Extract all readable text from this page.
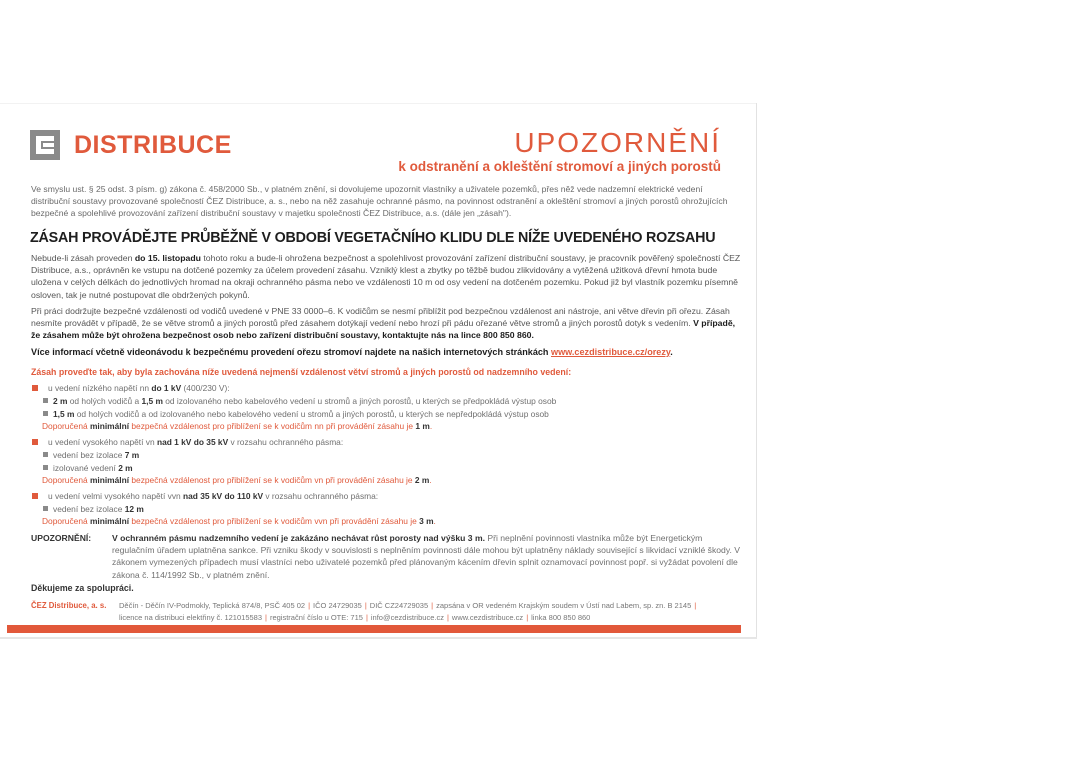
DISTRIBUCE	UPOZORNĚNÍ
k odstranění a okleštění stromoví a jiných porostů
Ve smyslu ust. § 25 odst. 3 písm. g) zákona č. 458/2000 Sb., v platném znění, si dovolujeme upozornit vlastníky a uživatele pozemků, přes něž vede nadzemní elektrické vedení distribuční soustavy provozované společností ČEZ Distribuce, a. s., nebo na něž zasahuje ochranné pásmo, na povinnost odstranění a okleštění stromoví a jiných porostů ohrožujících bezpečné a spolehlivé provozování zařízení distribuční soustavy v majetku společnosti ČEZ Distribuce, a.s. (dále jen „zásah").
ZÁSAH PROVÁDĚJTE PRŮBĚŽNĚ V OBDOBÍ VEGETAČNÍHO KLIDU DLE NÍŽE UVEDENÉHO ROZSAHU
Nebude-li zásah proveden do 15. listopadu tohoto roku a bude-li ohrožena bezpečnost a spolehlivost provozování zařízení distribuční soustavy, je pracovník pověřený společností ČEZ Distribuce, a.s., oprávněn ke vstupu na dotčené pozemky za účelem provedení zásahu. Vzniklý klest a zbytky po těžbě budou zlikvidovány a vytěžená užitková dřevní hmota bude uložena v celých délkách do jednotlivých hromad na okraji ochranného pásma nebo ve vzdálenosti 10 m od osy vedení na dotčeném pozemku. Pokud již byl vlastník pozemku písemně osloven, tak je nutné postupovat dle obdržených pokynů.
Při práci dodržujte bezpečné vzdálenosti od vodičů uvedené v PNE 33 0000–6. K vodičům se nesmí přiblížit pod bezpečnou vzdálenost ani nástroje, ani větve dřevin při ořezu. Zásah nesmíte provádět v případě, že se větve stromů a jiných porostů před zásahem dotýkají vedení nebo hrozí při pádu ořezané větve stromů a jiných porostů dotyk s vedením. V případě, že zásahem může být ohrožena bezpečnost osob nebo zařízení distribuční soustavy, kontaktujte nás na lince 800 850 860.
Více informací včetně videonávodu k bezpečnému provedení ořezu stromoví najdete na našich internetových stránkách www.cezdistribuce.cz/orezy.
Zásah proveďte tak, aby byla zachována níže uvedená nejmenší vzdálenost větví stromů a jiných porostů od nadzemního vedení:
u vedení nízkého napětí nn do 1 kV (400/230 V):
2 m od holých vodičů a 1,5 m od izolovaného nebo kabelového vedení u stromů a jiných porostů, u kterých se předpokládá výstup osob
1,5 m od holých vodičů a od izolovaného nebo kabelového vedení u stromů a jiných porostů, u kterých se nepředpokládá výstup osob
Doporučená minimální bezpečná vzdálenost pro přiblížení se k vodičům nn při provádění zásahu je 1 m.
u vedení vysokého napětí vn nad 1 kV do 35 kV v rozsahu ochranného pásma:
vedení bez izolace 7 m
izolované vedení 2 m
Doporučená minimální bezpečná vzdálenost pro přiblížení se k vodičům vn při provádění zásahu je 2 m.
u vedení velmi vysokého napětí vvn nad 35 kV do 110 kV v rozsahu ochranného pásma:
vedení bez izolace 12 m
Doporučená minimální bezpečná vzdálenost pro přiblížení se k vodičům vvn při provádění zásahu je 3 m.
UPOZORNĚNÍ:	V ochranném pásmu nadzemního vedení je zakázáno nechávat růst porosty nad výšku 3 m. Při neplnění povinnosti vlastníka může být Energetickým regulačním úřadem uplatněna sankce. Při vzniku škody v souvislosti s neplněním povinnosti dále mohou být uplatněny náklady související s likvidací vzniklé škody. V zákonem vymezených případech musí vlastníci nebo uživatelé pozemků před plánovaným kácením dřevin splnit oznamovací povinnost popř. si vyžádat povolení dle zákona č. 114/1992 Sb., v platném znění.
Děkujeme za spolupráci.
ČEZ Distribuce, a. s.	Děčín - Děčín IV-Podmokly, Teplická 874/8, PSČ 405 02 | IČO 24729035 | DIČ CZ24729035 | zapsána v OR vedeném Krajským soudem v Ústí nad Labem, sp. zn. B 2145 |
licence na distribuci elektřiny č. 121015583 | registrační číslo u OTE: 715 | info@cezdistribuce.cz | www.cezdistribuce.cz | linka 800 850 860
